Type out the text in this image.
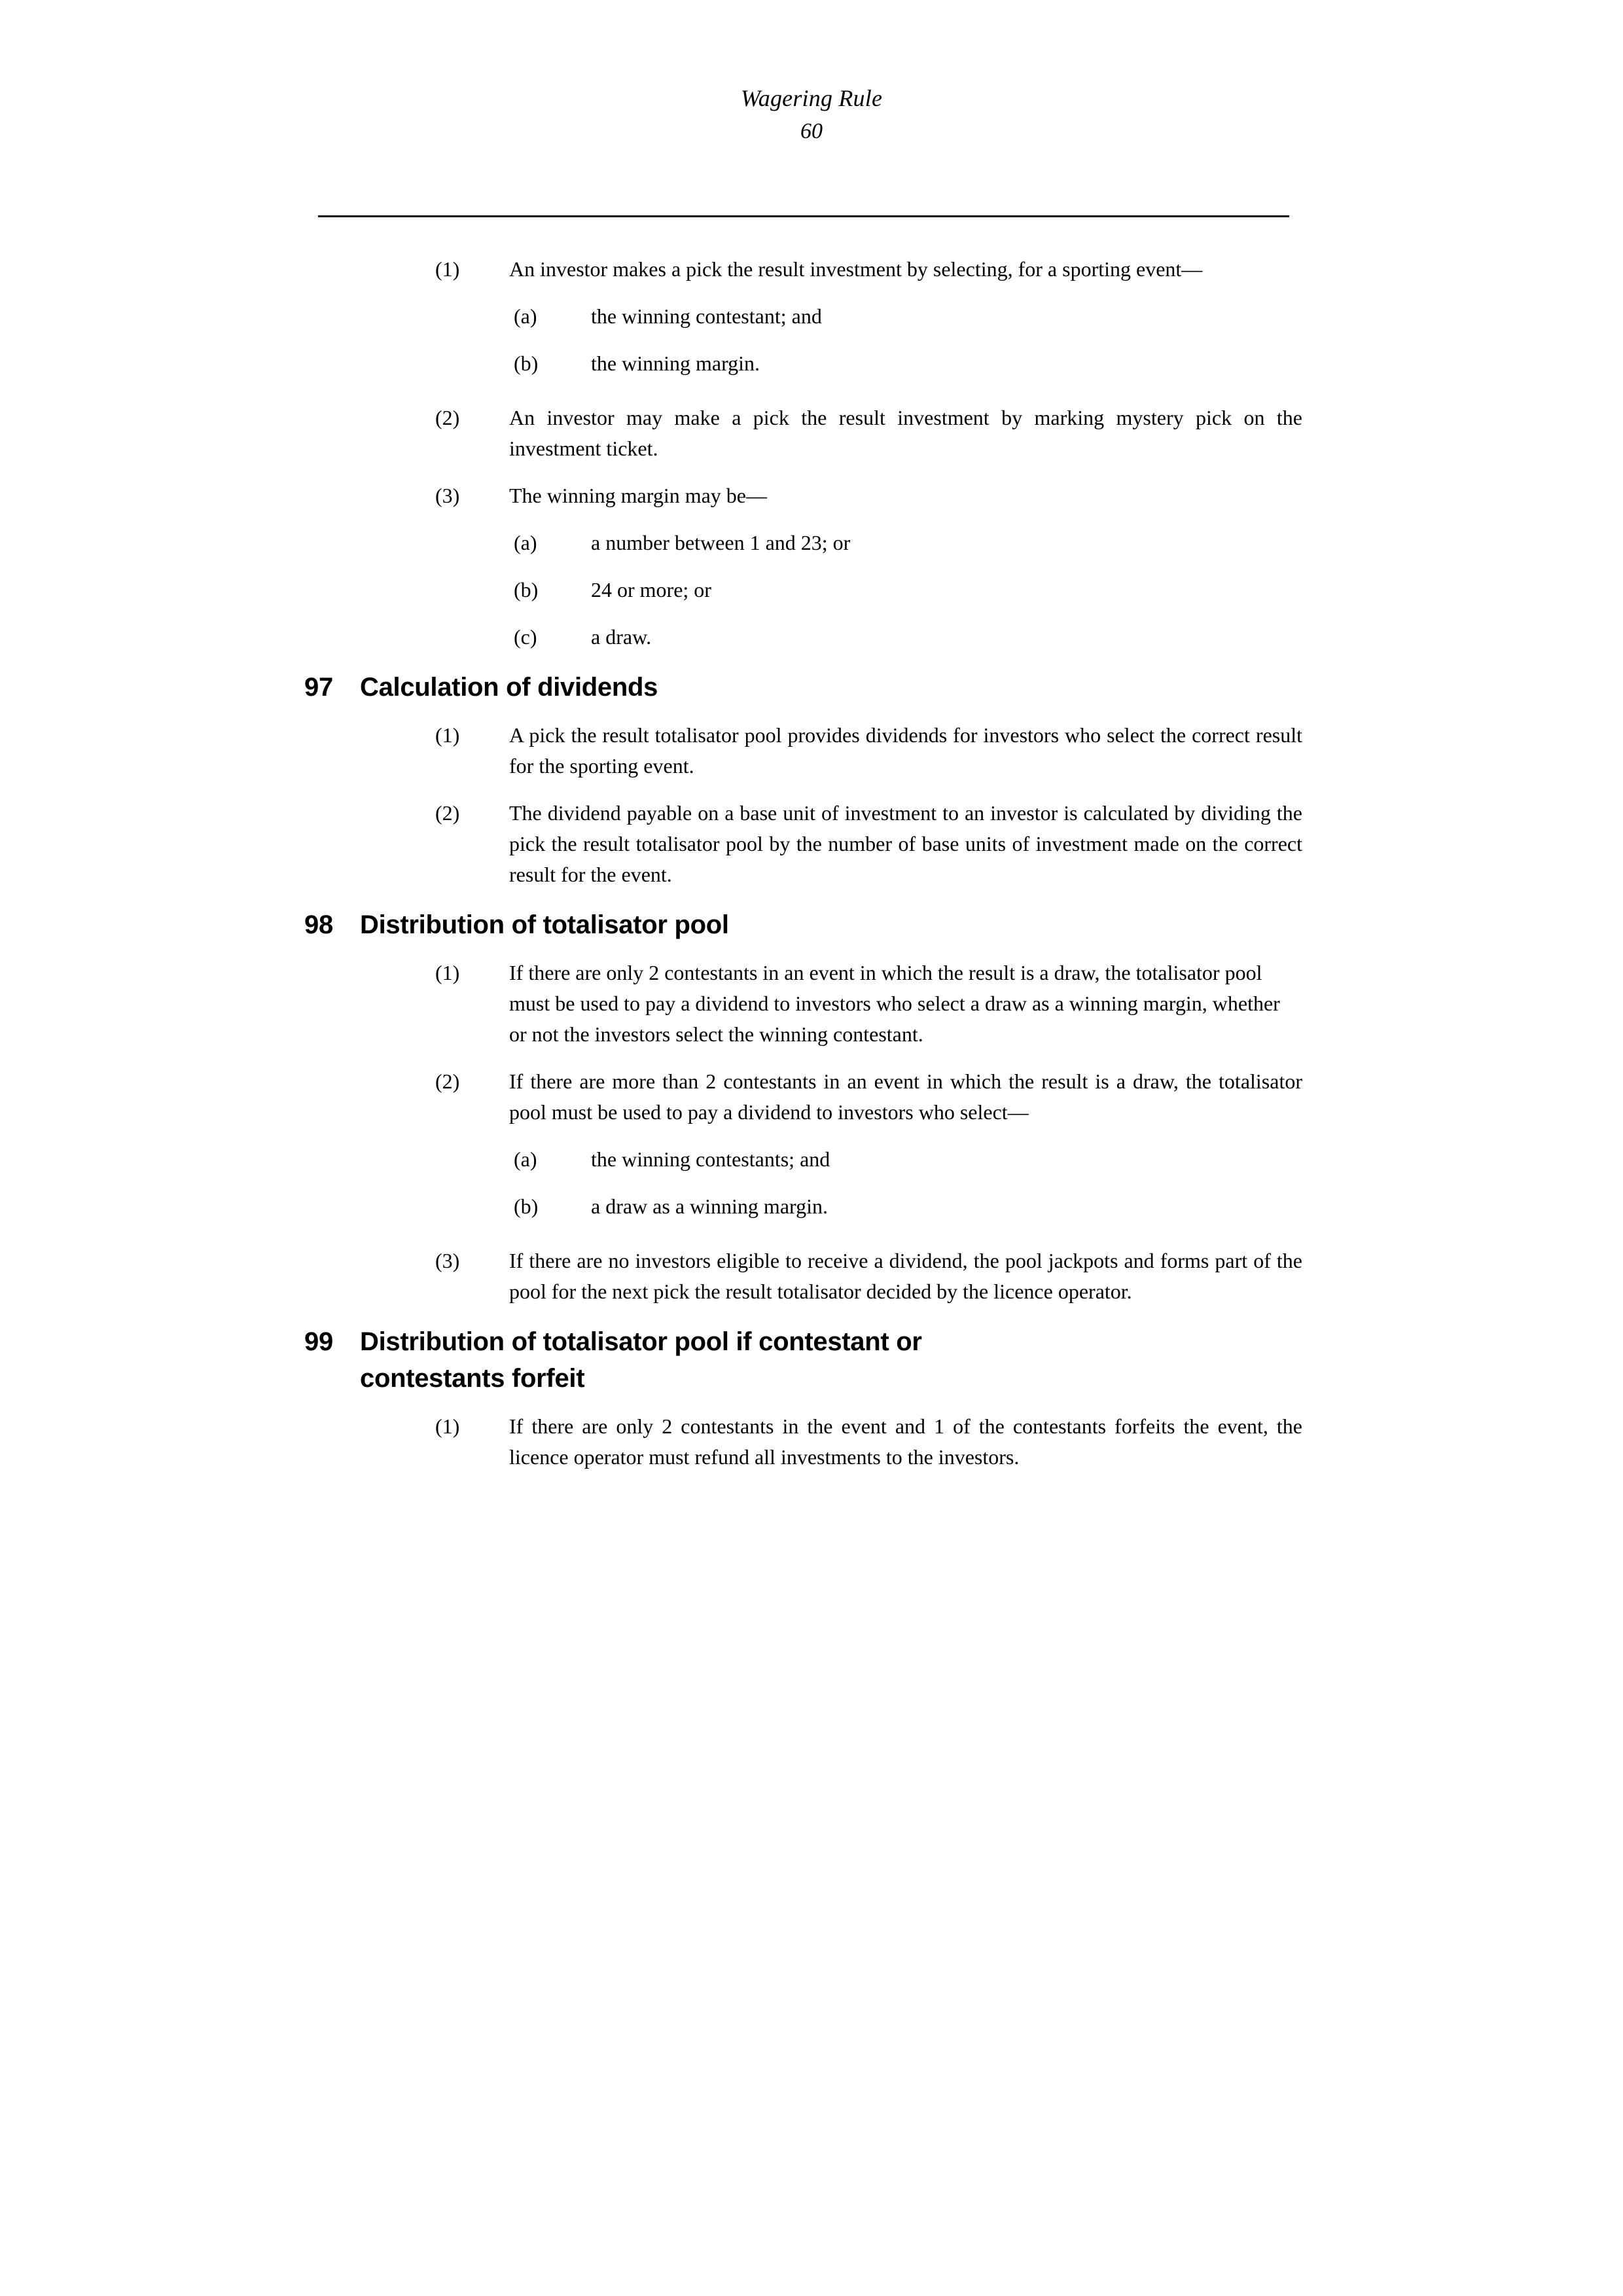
Wagering Rule
60
(1)	An investor makes a pick the result investment by selecting, for a sporting event—
(a)	the winning contestant; and
(b)	the winning margin.
(2)	An investor may make a pick the result investment by marking mystery pick on the investment ticket.
(3)	The winning margin may be—
(a)	a number between 1 and 23; or
(b)	24 or more; or
(c)	a draw.
97	Calculation of dividends
(1)	A pick the result totalisator pool provides dividends for investors who select the correct result for the sporting event.
(2)	The dividend payable on a base unit of investment to an investor is calculated by dividing the pick the result totalisator pool by the number of base units of investment made on the correct result for the event.
98	Distribution of totalisator pool
(1)	If there are only 2 contestants in an event in which the result is a draw, the totalisator pool must be used to pay a dividend to investors who select a draw as a winning margin, whether or not the investors select the winning contestant.
(2)	If there are more than 2 contestants in an event in which the result is a draw, the totalisator pool must be used to pay a dividend to investors who select—
(a)	the winning contestants; and
(b)	a draw as a winning margin.
(3)	If there are no investors eligible to receive a dividend, the pool jackpots and forms part of the pool for the next pick the result totalisator decided by the licence operator.
99	Distribution of totalisator pool if contestant or contestants forfeit
(1)	If there are only 2 contestants in the event and 1 of the contestants forfeits the event, the licence operator must refund all investments to the investors.
